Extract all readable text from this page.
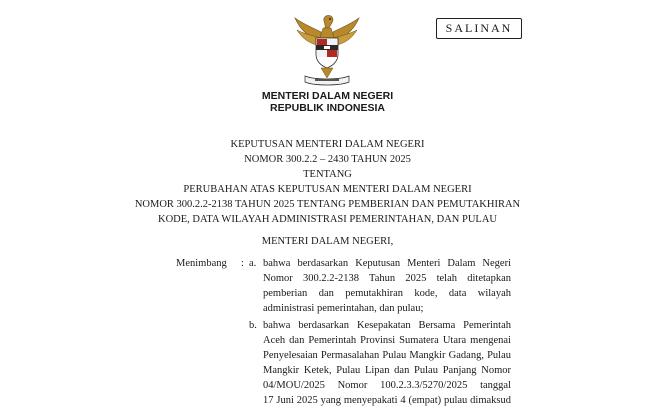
SALINAN
MENTERI DALAM NEGERI
REPUBLIK INDONESIA
KEPUTUSAN MENTERI DALAM NEGERI
NOMOR 300.2.2 – 2430 TAHUN 2025
TENTANG
PERUBAHAN ATAS KEPUTUSAN MENTERI DALAM NEGERI
NOMOR 300.2.2-2138 TAHUN 2025 TENTANG PEMBERIAN DAN PEMUTAKHIRAN
KODE, DATA WILAYAH ADMINISTRASI PEMERINTAHAN, DAN PULAU
MENTERI DALAM NEGERI,
Menimbang : a. bahwa berdasarkan Keputusan Menteri Dalam Negeri
Nomor 300.2.2-2138 Tahun 2025 telah ditetapkan
pemberian dan pemutakhiran kode, data wilayah
administrasi pemerintahan, dan pulau;
b. bahwa berdasarkan Kesepakatan Bersama Pemerintah
Aceh dan Pemerintah Provinsi Sumatera Utara mengenai
Penyelesaian Permasalahan Pulau Mangkir Gadang, Pulau
Mangkir Ketek, Pulau Lipan dan Pulau Panjang Nomor
04/MOU/2025 Nomor 100.2.3.3/5270/2025 tanggal
17 Juni 2025 yang menyepakati 4 (empat) pulau dimaksud
